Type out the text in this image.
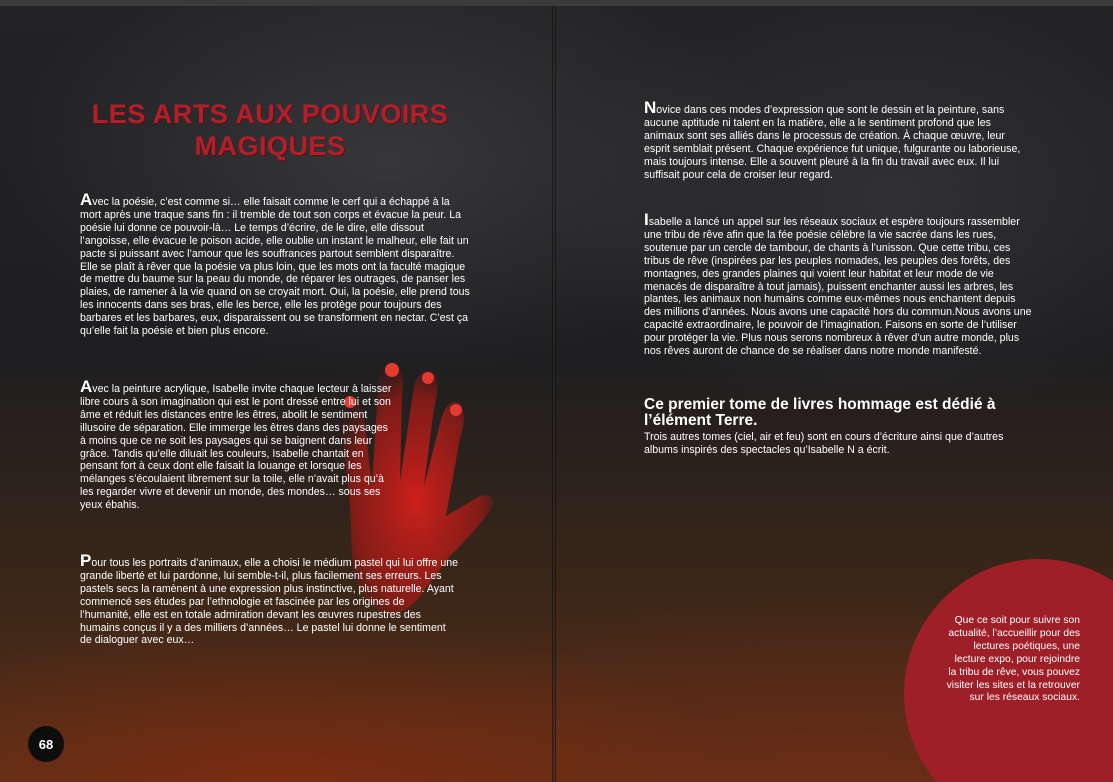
LES ARTS AUX POUVOIRS MAGIQUES

Avec la poésie, c’est comme si… elle faisait comme le cerf qui a échappé à la mort après une traque sans fin : il tremble de tout son corps et évacue la peur. La poésie lui donne ce pouvoir-là… Le temps d’écrire, de le dire, elle dissout l’angoisse, elle évacue le poison acide, elle oublie un instant le malheur, elle fait un pacte si puissant avec l’amour que les souffrances partout semblent disparaître. Elle se plaît à rêver que la poésie va plus loin, que les mots ont la faculté magique de mettre du baume sur la peau du monde, de réparer les outrages, de panser les plaies, de ramener à la vie quand on se croyait mort. Oui, la poésie, elle prend tous les innocents dans ses bras, elle les berce, elle les protège pour toujours des barbares et les barbares, eux, disparaissent ou se transforment en nectar. C’est ça qu’elle fait la poésie et bien plus encore.

Avec la peinture acrylique, Isabelle invite chaque lecteur à laisser libre cours à son imagination qui est le pont dressé entre lui et son âme et réduit les distances entre les êtres, abolit le sentiment illusoire de séparation. Elle immerge les êtres dans des paysages à moins que ce ne soit les paysages qui se baignent dans leur grâce. Tandis qu’elle diluait les couleurs, Isabelle chantait en pensant fort à ceux dont elle faisait la louange et lorsque les mélanges s’écoulaient librement sur la toile, elle n’avait plus qu’à les regarder vivre et devenir un monde, des mondes… sous ses yeux ébahis.

Pour tous les portraits d’animaux, elle a choisi le médium pastel qui lui offre une grande liberté et lui pardonne, lui semble-t-il, plus facilement ses erreurs. Les pastels secs la ramènent à une expression plus instinctive, plus naturelle. Ayant commencé ses études par l’ethnologie et fascinée par les origines de l’humanité, elle est en totale admiration devant les œuvres rupestres des humains conçus il y a des milliers d’années… Le pastel lui donne le sentiment de dialoguer avec eux…

68

Novice dans ces modes d’expression que sont le dessin et la peinture, sans aucune aptitude ni talent en la matière, elle a le sentiment profond que les animaux sont ses alliés dans le processus de création. À chaque œuvre, leur esprit semblait présent. Chaque expérience fut unique, fulgurante ou laborieuse, mais toujours intense. Elle a souvent pleuré à la fin du travail avec eux. Il lui suffisait pour cela de croiser leur regard.

Isabelle a lancé un appel sur les réseaux sociaux et espère toujours rassembler une tribu de rêve afin que la fée poésie célèbre la vie sacrée dans les rues, soutenue par un cercle de tambour, de chants à l’unisson. Que cette tribu, ces tribus de rêve (inspirées par les peuples nomades, les peuples des forêts, des montagnes, des grandes plaines qui voient leur habitat et leur mode de vie menacés de disparaître à tout jamais), puissent enchanter aussi les arbres, les plantes, les animaux non humains comme eux-mêmes nous enchantent depuis des millions d’années. Nous avons une capacité hors du commun.Nous avons une capacité extraordinaire, le pouvoir de l’imagination. Faisons en sorte de l’utiliser pour protéger la vie. Plus nous serons nombreux à rêver d’un autre monde, plus nos rêves auront de chance de se réaliser dans notre monde manifesté.

Ce premier tome de livres hommage est dédié à l’élément Terre.

Trois autres tomes (ciel, air et feu) sont en cours d’écriture ainsi que d’autres albums inspirés des spectacles qu’Isabelle N a écrit.

Que ce soit pour suivre son actualité, l’accueillir pour des lectures poétiques, une lecture expo, pour rejoindre la tribu de rêve, vous pouvez visiter les sites et la retrouver sur les réseaux sociaux.
